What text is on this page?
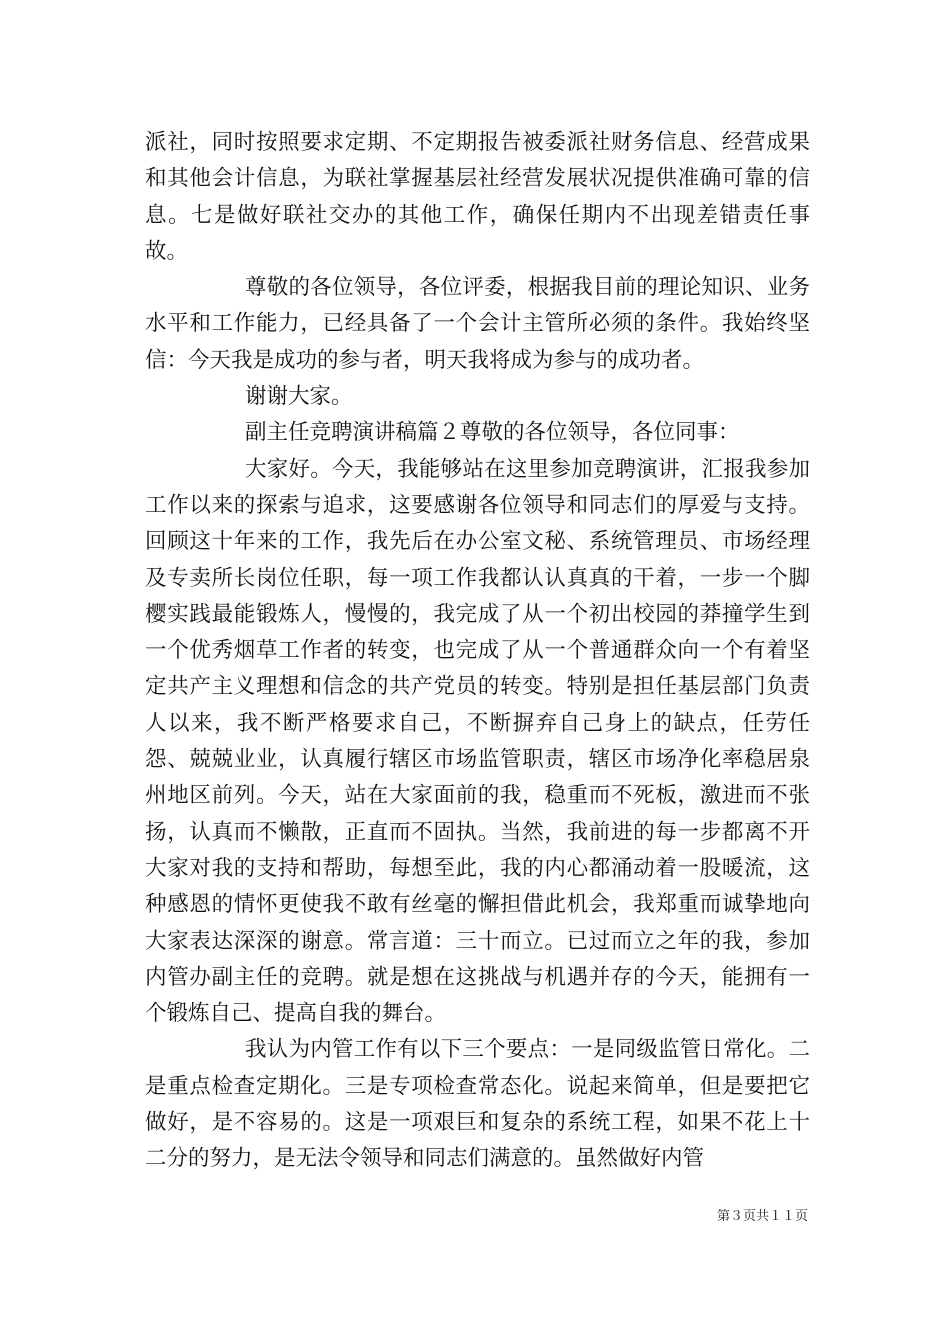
派社，同时按照要求定期、不定期报告被委派社财务信息、经营成果和其他会计信息，为联社掌握基层社经营发展状况提供准确可靠的信息。七是做好联社交办的其他工作，确保任期内不出现差错责任事故。

尊敬的各位领导，各位评委，根据我目前的理论知识、业务水平和工作能力，已经具备了一个会计主管所必须的条件。我始终坚信：今天我是成功的参与者，明天我将成为参与的成功者。

谢谢大家。

副主任竞聘演讲稿篇２尊敬的各位领导，各位同事：

大家好。今天，我能够站在这里参加竞聘演讲，汇报我参加工作以来的探索与追求，这要感谢各位领导和同志们的厚爱与支持。回顾这十年来的工作，我先后在办公室文秘、系统管理员、市场经理及专卖所长岗位任职，每一项工作我都认认真真的干着，一步一个脚樱实践最能锻炼人，慢慢的，我完成了从一个初出校园的莽撞学生到一个优秀烟草工作者的转变，也完成了从一个普通群众向一个有着坚定共产主义理想和信念的共产党员的转变。特别是担任基层部门负责人以来，我不断严格要求自己，不断摒弃自己身上的缺点，任劳任怨、兢兢业业，认真履行辖区市场监管职责，辖区市场净化率稳居泉州地区前列。今天，站在大家面前的我，稳重而不死板，激进而不张扬，认真而不懒散，正直而不固执。当然，我前进的每一步都离不开大家对我的支持和帮助，每想至此，我的内心都涌动着一股暖流，这种感恩的情怀更使我不敢有丝毫的懈担借此机会，我郑重而诚挚地向大家表达深深的谢意。常言道：三十而立。已过而立之年的我，参加内管办副主任的竞聘。就是想在这挑战与机遇并存的今天，能拥有一个锻炼自己、提高自我的舞台。

我认为内管工作有以下三个要点：一是同级监管日常化。二是重点检查定期化。三是专项检查常态化。说起来简单，但是要把它做好，是不容易的。这是一项艰巨和复杂的系统工程，如果不花上十二分的努力，是无法令领导和同志们满意的。虽然做好内管

第３页共１１页
